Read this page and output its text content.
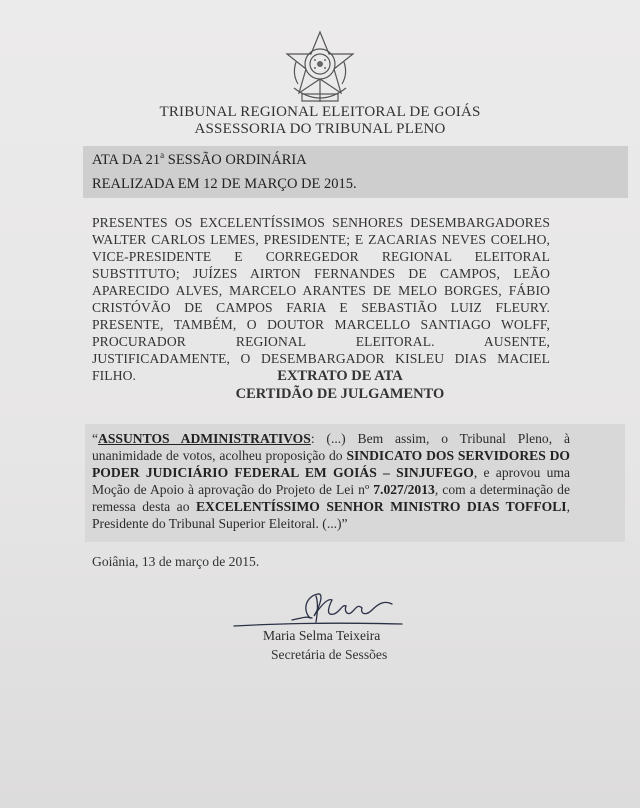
TRIBUNAL REGIONAL ELEITORAL DE GOIÁS
ASSESSORIA DO TRIBUNAL PLENO
ATA DA 21$^a$ SESSÃO ORDINÁRIA
REALIZADA EM 12 DE MARÇO DE 2015.
PRESENTES OS EXCELENTÍSSIMOS SENHORES DESEMBARGADORES WALTER CARLOS LEMES, PRESIDENTE; E ZACARIAS NEVES COELHO, VICE-PRESIDENTE E CORREGEDOR REGIONAL ELEITORAL SUBSTITUTO; JUÍZES AIRTON FERNANDES DE CAMPOS, LEÃO APARECIDO ALVES, MARCELO ARANTES DE MELO BORGES, FÁBIO CRISTÓVÃO DE CAMPOS FARIA E SEBASTIÃO LUIZ FLEURY. PRESENTE, TAMBÉM, O DOUTOR MARCELLO SANTIAGO WOLFF, PROCURADOR REGIONAL ELEITORAL. AUSENTE, JUSTIFICADAMENTE, O DESEMBARGADOR KISLEU DIAS MACIEL FILHO.	EXTRATO DE ATA
CERTIDÃO DE JULGAMENTO
“ASSUNTOS ADMINISTRATIVOS: (...) Bem assim, o Tribunal Pleno, à unanimidade de votos, acolheu proposição do SINDICATO DOS SERVIDORES DO PODER JUDICIÁRIO FEDERAL EM GOIÁS – SINJUFEGO, e aprovou uma Moção de Apoio à aprovação do Projeto de Lei nº 7.027/2013, com a determinação de remessa desta ao EXCELENTÍSSIMO SENHOR MINISTRO DIAS TOFFOLI, Presidente do Tribunal Superior Eleitoral. (...)”
Goiânia, 13 de março de 2015.
Maria Selma Teixeira
Secretária de Sessões
